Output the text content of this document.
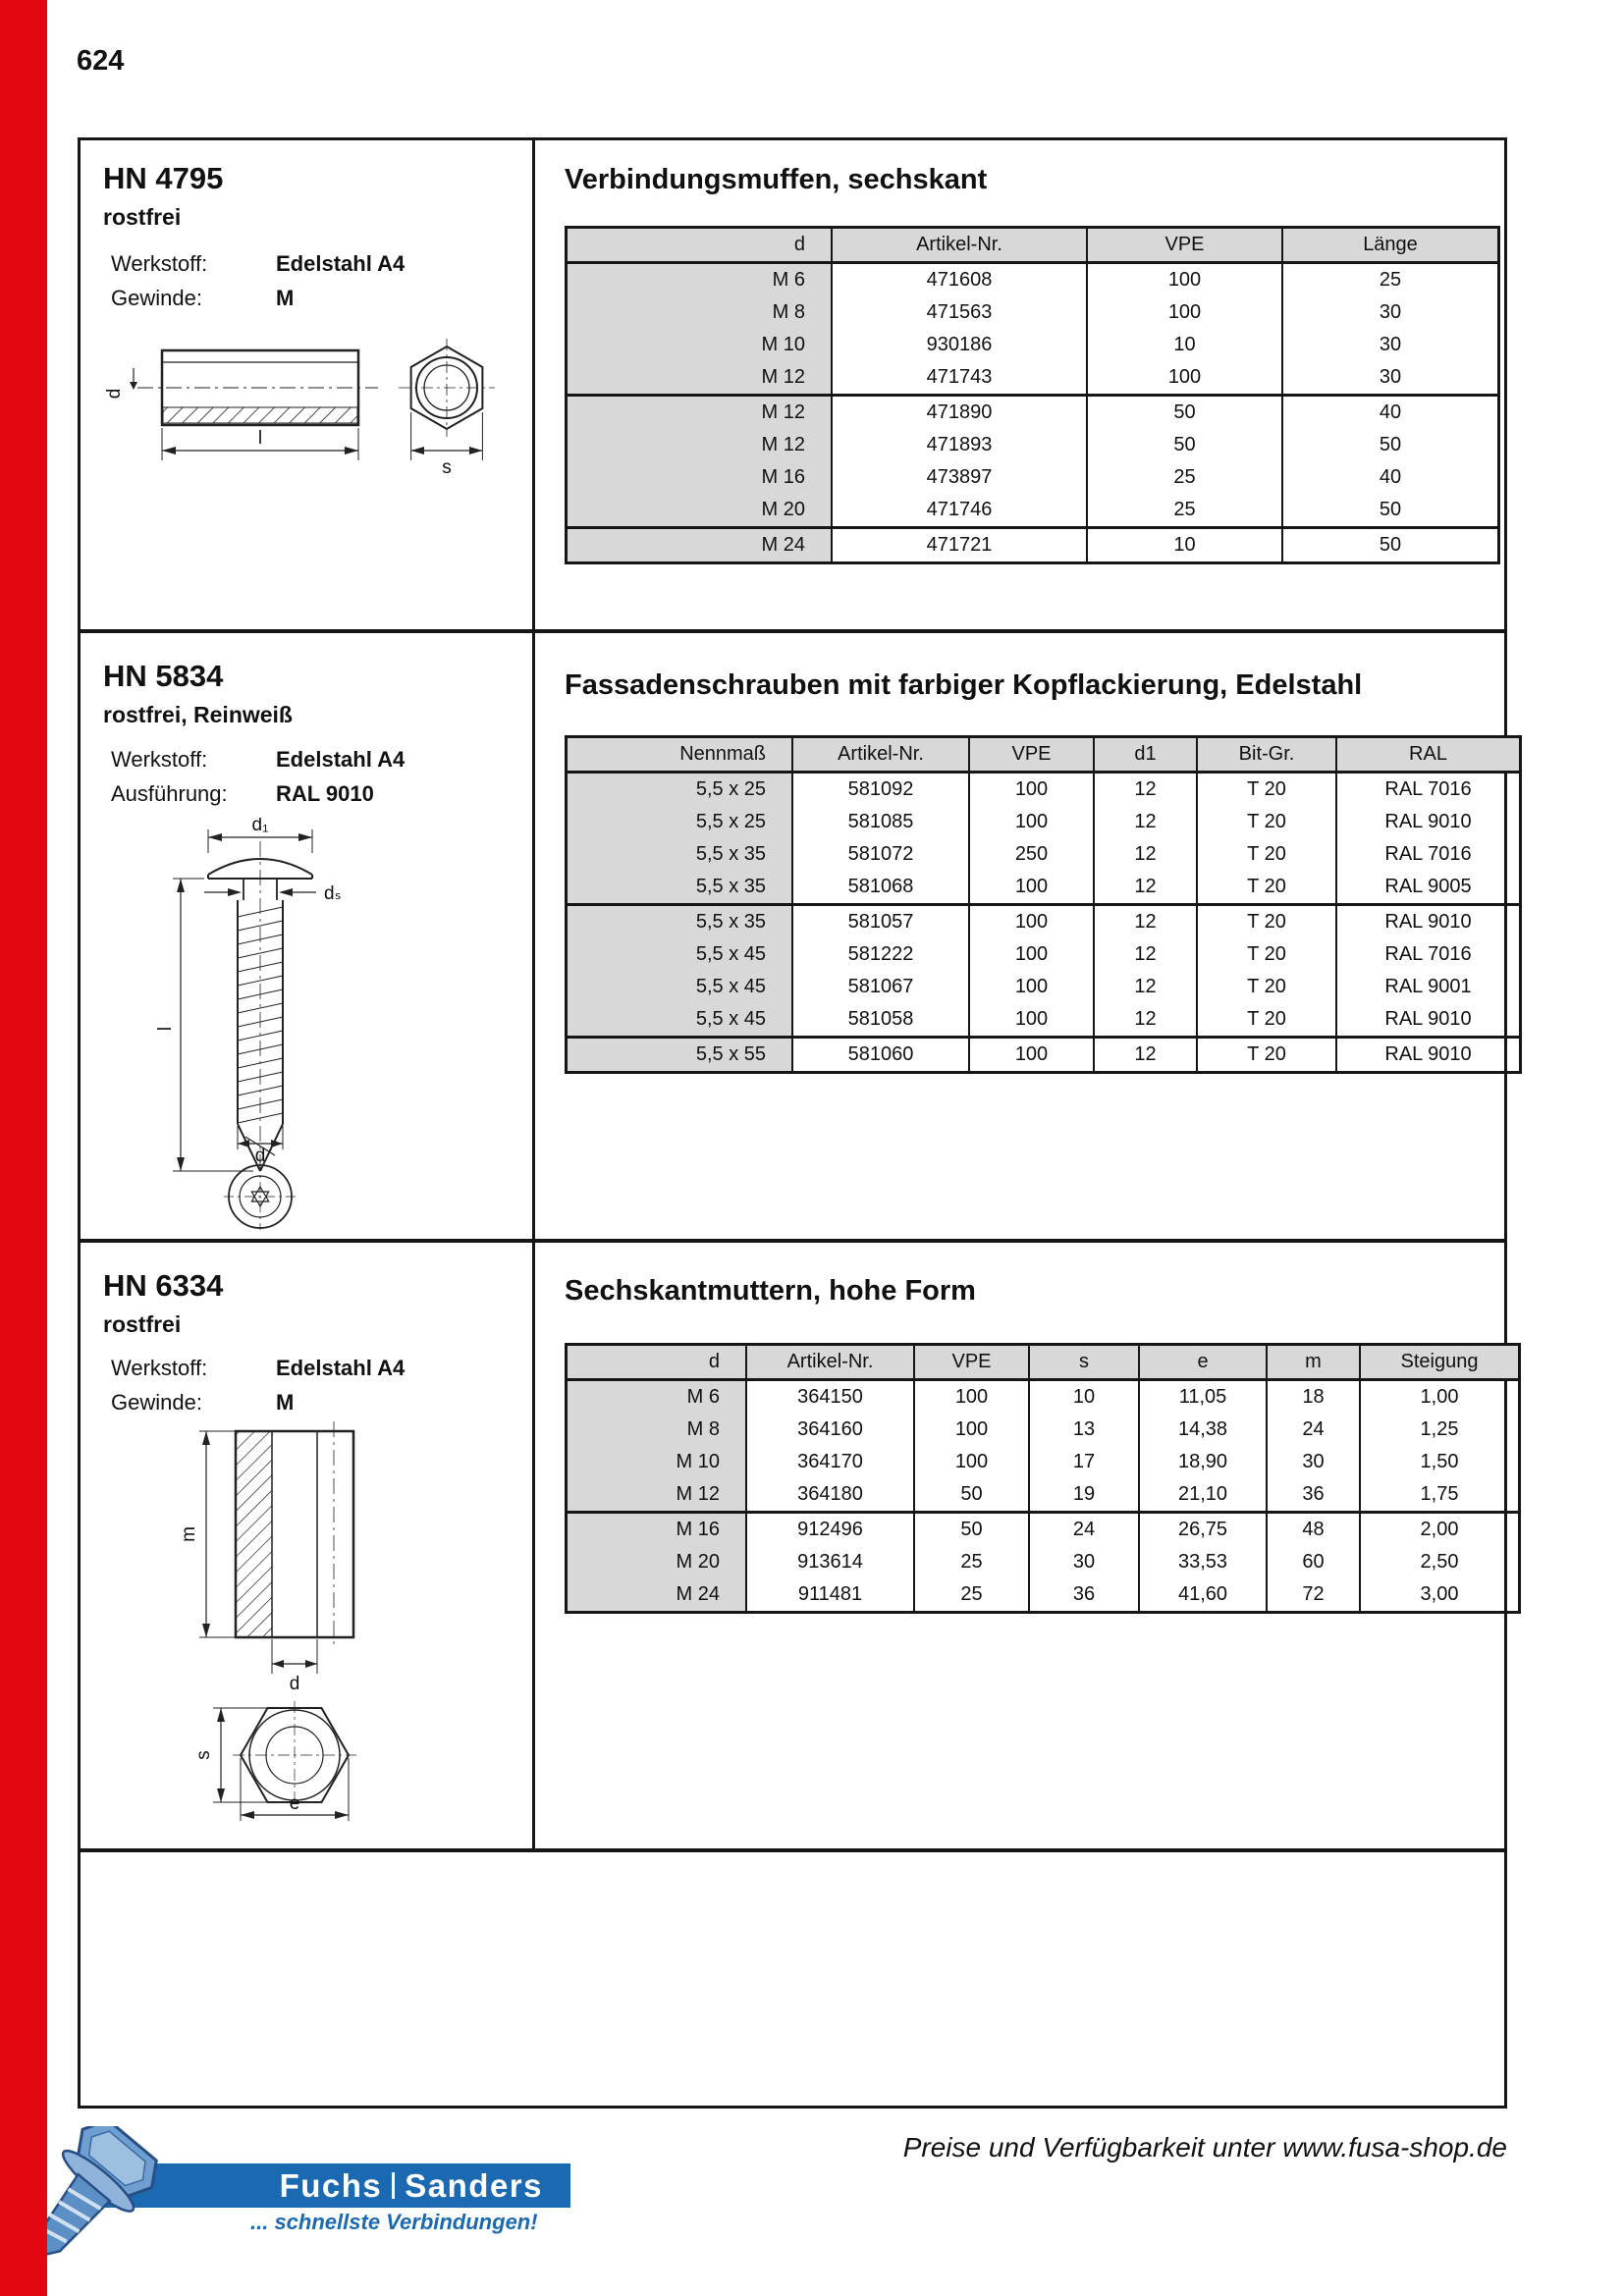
624
HN 4795
rostfrei
Werkstoff:	Edelstahl A4
Gewinde:	M
d
l
s
Verbindungsmuffen, sechskant
d	Artikel-Nr.	VPE	Länge
M 6	471608	100	25
M 8	471563	100	30
M 10	930186	10	30
M 12	471743	100	30
M 12	471890	50	40
M 12	471893	50	50
M 16	473897	25	40
M 20	471746	25	50
M 24	471721	10	50
HN 5834
rostfrei, Reinweiß
Werkstoff:	Edelstahl A4
Ausführung: RAL 9010
d₁
dₛ
l
d
Fassadenschrauben mit farbiger Kopflackierung, Edelstahl
Nennmaß	Artikel-Nr.	VPE	d1	Bit-Gr.	RAL
5,5 x 25	581092	100	12	T 20	RAL 7016
5,5 x 25	581085	100	12	T 20	RAL 9010
5,5 x 35	581072	250	12	T 20	RAL 7016
5,5 x 35	581068	100	12	T 20	RAL 9005
5,5 x 35	581057	100	12	T 20	RAL 9010
5,5 x 45	581222	100	12	T 20	RAL 7016
5,5 x 45	581067	100	12	T 20	RAL 9001
5,5 x 45	581058	100	12	T 20	RAL 9010
5,5 x 55	581060	100	12	T 20	RAL 9010
HN 6334
rostfrei
Werkstoff:	Edelstahl A4
Gewinde:	M
m
d
s
e
Sechskantmuttern, hohe Form
d	Artikel-Nr.	VPE	s	e	m	Steigung
M 6	364150	100	10	11,05	18	1,00
M 8	364160	100	13	14,38	24	1,25
M 10	364170	100	17	18,90	30	1,50
M 12	364180	50	19	21,10	36	1,75
M 16	912496	50	24	26,75	48	2,00
M 20	913614	25	30	33,53	60	2,50
M 24	911481	25	36	41,60	72	3,00
Preise und Verfügbarkeit unter www.fusa-shop.de
Fuchs Sanders
... schnellste Verbindungen!
